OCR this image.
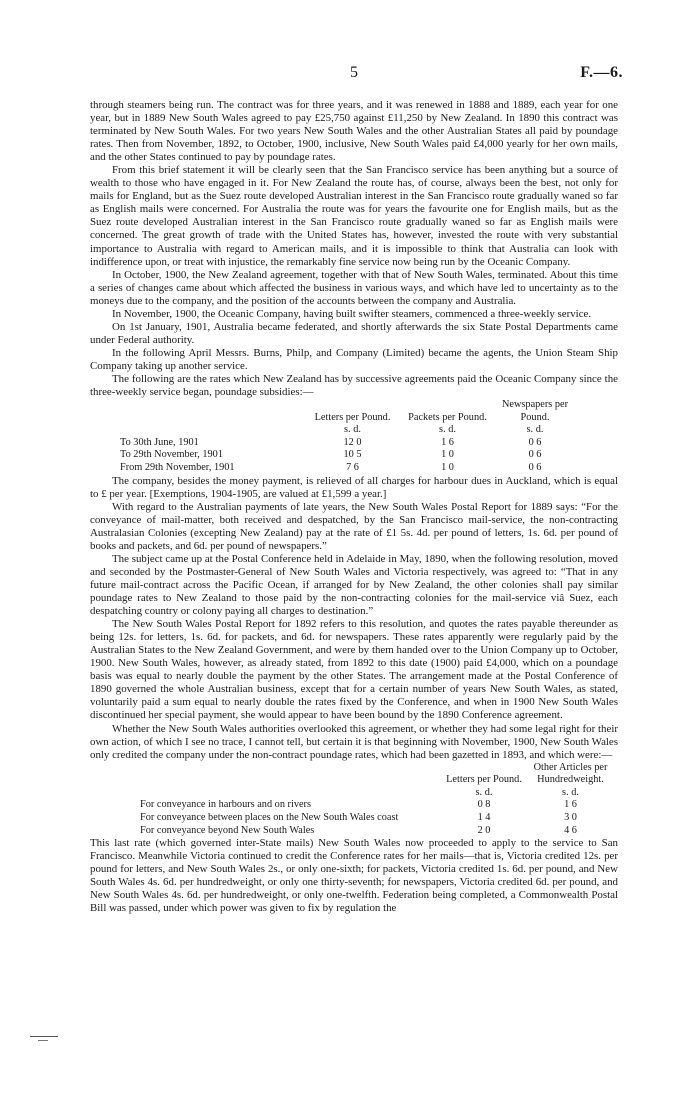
5	F.—6.

through steamers being run. The contract was for three years, and it was renewed in 1888 and 1889, each year for one year, but in 1889 New South Wales agreed to pay £25,750 against £11,250 by New Zealand. In 1890 this contract was terminated by New South Wales. For two years New South Wales and the other Australian States all paid by poundage rates. Then from November, 1892, to October, 1900, inclusive, New South Wales paid £4,000 yearly for her own mails, and the other States continued to pay by poundage rates.

From this brief statement it will be clearly seen that the San Francisco service has been anything but a source of wealth to those who have engaged in it. For New Zealand the route has, of course, always been the best, not only for mails for England, but as the Suez route developed Australian interest in the San Francisco route gradually waned so far as English mails were concerned. For Australia the route was for years the favourite one for English mails, but as the Suez route developed Australian interest in the San Francisco route gradually waned so far as English mails were concerned. The great growth of trade with the United States has, however, invested the route with very substantial importance to Australia with regard to American mails, and it is impossible to think that Australia can look with indifference upon, or treat with injustice, the remarkably fine service now being run by the Oceanic Company.

In October, 1900, the New Zealand agreement, together with that of New South Wales, terminated. About this time a series of changes came about which affected the business in various ways, and which have led to uncertainty as to the moneys due to the company, and the position of the accounts between the company and Australia.

In November, 1900, the Oceanic Company, having built swifter steamers, commenced a three-weekly service.

On 1st January, 1901, Australia became federated, and shortly afterwards the six State Postal Departments came under Federal authority.

In the following April Messrs. Burns, Philp, and Company (Limited) became the agents, the Union Steam Ship Company taking up another service.

The following are the rates which New Zealand has by successive agreements paid the Oceanic Company since the three-weekly service began, poundage subsidies:—

	Letters per Pound.	Packets per Pound.	Newspapers per Pound.	
	s. d.	s. d.	s. d.	
To 30th June, 1901	12 0	1 6	0 6	
To 29th November, 1901	10 5	1 0	0 6	
From 29th November, 1901	7 6	1 0	0 6	

The company, besides the money payment, is relieved of all charges for harbour dues in Auckland, which is equal to £ per year. [Exemptions, 1904-1905, are valued at £1,599 a year.]

With regard to the Australian payments of late years, the New South Wales Postal Report for 1889 says: “For the conveyance of mail-matter, both received and despatched, by the San Francisco mail-service, the non-contracting Australasian Colonies (excepting New Zealand) pay at the rate of £1 5s. 4d. per pound of letters, 1s. 6d. per pound of books and packets, and 6d. per pound of newspapers.”

The subject came up at the Postal Conference held in Adelaide in May, 1890, when the following resolution, moved and seconded by the Postmaster-General of New South Wales and Victoria respectively, was agreed to: “That in any future mail-contract across the Pacific Ocean, if arranged for by New Zealand, the other colonies shall pay similar poundage rates to New Zealand to those paid by the non-contracting colonies for the mail-service viâ Suez, each despatching country or colony paying all charges to destination.”

The New South Wales Postal Report for 1892 refers to this resolution, and quotes the rates payable thereunder as being 12s. for letters, 1s. 6d. for packets, and 6d. for newspapers. These rates apparently were regularly paid by the Australian States to the New Zealand Government, and were by them handed over to the Union Company up to October, 1900. New South Wales, however, as already stated, from 1892 to this date (1900) paid £4,000, which on a poundage basis was equal to nearly double the payment by the other States. The arrangement made at the Postal Conference of 1890 governed the whole Australian business, except that for a certain number of years New South Wales, as stated, voluntarily paid a sum equal to nearly double the rates fixed by the Conference, and when in 1900 New South Wales discontinued her special payment, she would appear to have been bound by the 1890 Conference agreement.

Whether the New South Wales authorities overlooked this agreement, or whether they had some legal right for their own action, of which I see no trace, I cannot tell, but certain it is that beginning with November, 1900, New South Wales only credited the company under the non-contract poundage rates, which had been gazetted in 1893, and which were:—

	Letters per Pound.	Other Articles per Hundredweight.
	s. d.	s. d.
For conveyance in harbours and on rivers	0 8	1 6
For conveyance between places on the New South Wales coast	1 4	3 0
For conveyance beyond New South Wales	2 0	4 6

This last rate (which governed inter-State mails) New South Wales now proceeded to apply to the service to San Francisco. Meanwhile Victoria continued to credit the Conference rates for her mails—that is, Victoria credited 12s. per pound for letters, and New South Wales 2s., or only one-sixth; for packets, Victoria credited 1s. 6d. per pound, and New South Wales 4s. 6d. per hundredweight, or only one thirty-seventh; for newspapers, Victoria credited 6d. per pound, and New South Wales 4s. 6d. per hundredweight, or only one-twelfth. Federation being completed, a Commonwealth Postal Bill was passed, under which power was given to fix by regulation the
